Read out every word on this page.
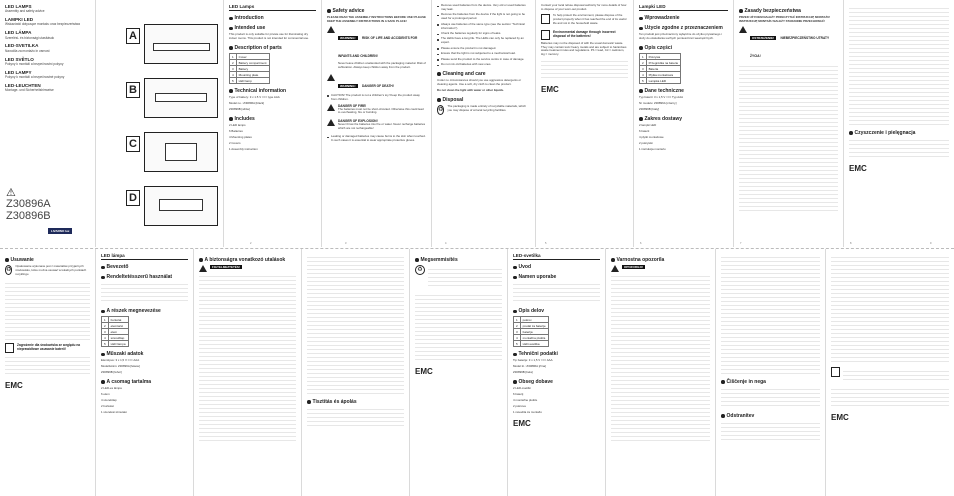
LED LAMPS
Assembly and safety advice
LAMPKI LED
Wskazówki dotyczące montażu oraz bezpieczeństwa
LED LÁMPA
Szerelési- és biztonsági utasítások
LED-SVETILKA
Navodila za montažo in varnost
LED SVĚTLO
Pokyny k montáži a bezpečnostní pokyny
LED LAMPY
Pokyny k montáži a bezpečnostné pokyny
LED-LEUCHTEN
Montage- und Sicherheitshinweise
⚠

Z30896A

Z30896B

LIVARNO lux
A
B
C
D
LED Lamps
Introduction
Intended use

This product is only suitable for private use for illuminating dry indoor rooms. This product is not intended for commercial use.

Description of parts
1	Cover
2	Battery compartment
3	Battery
4	Mounting plate
5	LED lamp
Technical information

Type of battery: 3 x 1.5 V === type AAA

Model no.: Z30896A [black]

Z30896B [white]

Includes

2 LED lamps

6 Batteries

4 Mounting plates

2 Covers

1 Assembly instruction

Safety advice

PLEASE READ THE ASSEMBLY INSTRUCTIONS BEFORE USE! PLEASE KEEP THE ASSEMBLY INSTRUCTIONS IN A SAFE PLACE!

WARNING! RISK OF LIFE AND ACCIDENTS FOR INFANTS AND CHILDREN!

Never leave children unattended with the packaging material. Risk of suffocation. Always keep children away from the product.

WARNING! DANGER OF DEATH!

CAUTION! The product is not a children's toy! Keep the product away from children.

DANGER OF FIRE!

The batteries must not be short-circuited. Otherwise this could lead to overheating, fire or bursting.

DANGER OF EXPLOSION!

Never throw the batteries into fire or water. Never recharge batteries which are not rechargeable!

Leaking or damaged batteries may cause burns to the skin when touched. In such cases it is essential to wear appropriate protective gloves.

Remove used batteries from the device. Very old or used batteries may leak.

Remove the batteries from the device if the light is not going to be used for a prolonged period.

Always use batteries of the same type (see the section "Technical information").

Check the batteries regularly for signs of leaks.

The LEDs have a long life. The LEDs can only be replaced by an expert.

Please ensure the product is not damaged.

Ensure that the light is not subjected to a mechanical load.

Please send the product to the service centre in case of damage.

Do not mix old batteries with new ones.

Cleaning and care

Under no circumstances should you use aggressive detergents or cleaning agents. Use a soft, dry cloth to clean the product.

Do not clean the light with water or other liquids.

Disposal
♻

The packaging is made entirely of recyclable materials, which you may dispose of at local recycling facilities.

Contact your local refuse disposal authority for more details of how to dispose of your worn-out product.

To help protect the environment, please dispose of the product properly when it has reached the end of its useful life and not in the household waste.

Environmental damage through incorrect disposal of the batteries!

Batteries may not be disposed of with the usual domestic waste. They may contain toxic heavy metals and are subject to hazardous waste treatment rules and regulations. Pb = lead, Cd = cadmium, Hg = mercury.

EMC
Lampki LED
Wprowadzenie
Użycie zgodne z przeznaczeniem

Ten produkt jest przeznaczony wyłącznie do użytku prywatnego i służy do oświetlania suchych pomieszczeń wewnętrznych.

Opis części
1	Pokrywa
2	Przegródka na baterie
3	Bateria
4	Płytka montażowa
5	Lampka LED
Dane techniczne

Typ baterii: 3 x 1,5 V === Typ AAA

Nr modelu: Z30896A [czarny]

Z30896B [biały]

Zakres dostawy

2 lampki LED

6 baterii

4 płytki montażowe

2 pokrywki

1 instrukcja montażu

Zasady bezpieczeństwa

PRZED UŻYCIEM NALEŻY PRZECZYTAĆ INSTRUKCJĘ MONTAŻU! INSTRUKCJĘ MONTAŻU NALEŻY STARANNIE PRZECHOWAĆ!

OSTRZEŻENIE! NIEBEZPIECZEŃSTWO UTRATY ŻYCIA!
Czyszczenie i pielęgnacja
EMC
2	3	4	5	6	7	8	9
Usuwanie
♻

Opakowanie wykonane jest z materiałów przyjaznych środowisku, które można usuwać w lokalnych punktach recyklingu.

Zagrożenie dla środowiska ze względu na nieprawidłowe usuwanie baterii!
EMC
LED lámpa
Bevezető
Rendeltetésszerű használat
A részek megnevezése
1	burkolat
2	elemtartó
3	elem
4	szerelőlap
5	LED lámpa
Műszaki adatok

Elemtípus: 3 x 1,5 V === AAA

Modellszám: Z30896A [fekete]

Z30896B [fehér]

A csomag tartalma

2 LED-es lámpa

6 elem

4 szerelőlap

2 burkolat

1 szerelési útmutató

A biztonságra vonatkozó utalások
FIGYELMEZTETÉS!
Tisztítás és ápolás
Megsemmisítés
♻
EMC
LED-svetilka
Uvod
Namen uporabe
Opis delov
1	pokrov
2	predal za baterije
3	baterija
4	montažna plošča
5	LED-svetilka
Tehnični podatki

Tip baterije: 3 x 1,5 V === AAA

Model št.: Z30896A [črna]

Z30896B [bela]

Obseg dobave

2 LED-svetilki

6 baterij

4 montažne plošče

2 pokrova

1 navodila za montažo

EMC
Varnostna opozorila
OPOZORILO!
Čiščenje in nega
Odstranitev	EMC
